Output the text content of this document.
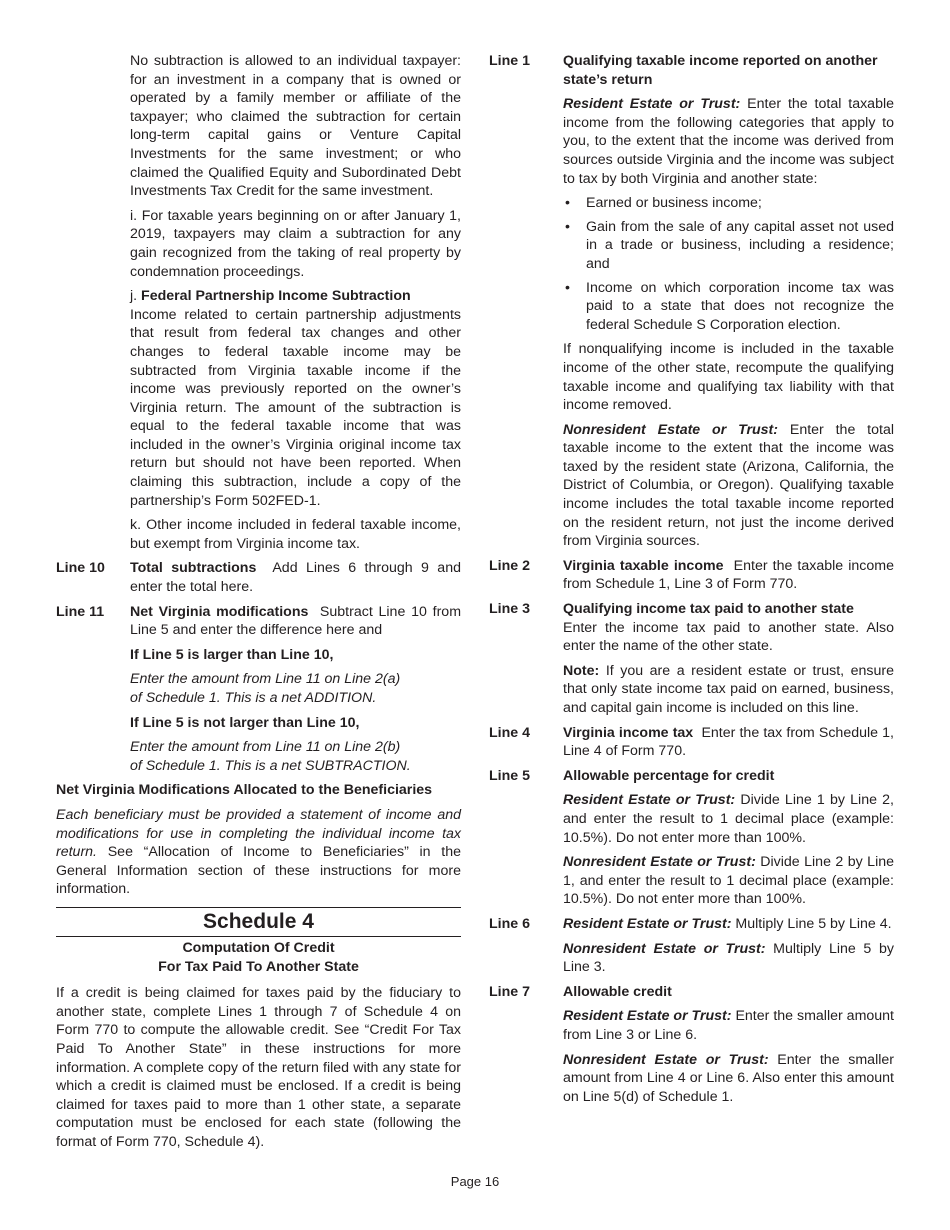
No subtraction is allowed to an individual taxpayer: for an investment in a company that is owned or operated by a family member or affiliate of the taxpayer; who claimed the subtraction for certain long-term capital gains or Venture Capital Investments for the same investment; or who claimed the Qualified Equity and Subordinated Debt Investments Tax Credit for the same investment.

i. For taxable years beginning on or after January 1, 2019, taxpayers may claim a subtraction for any gain recognized from the taking of real property by condemnation proceedings.

j. Federal Partnership Income Subtraction
Income related to certain partnership adjustments that result from federal tax changes and other changes to federal taxable income may be subtracted from Virginia taxable income if the income was previously reported on the owner’s Virginia return. The amount of the subtraction is equal to the federal taxable income that was included in the owner’s Virginia original income tax return but should not have been reported. When claiming this subtraction, include a copy of the partnership’s Form 502FED-1.

k. Other income included in federal taxable income, but exempt from Virginia income tax.

Line 10	Total subtractions Add Lines 6 through 9 and enter the total here.
Line 11	Net Virginia modifications Subtract Line 10 from Line 5 and enter the difference here and

If Line 5 is larger than Line 10,

Enter the amount from Line 11 on Line 2(a)
of Schedule 1. This is a net ADDITION.

If Line 5 is not larger than Line 10,

Enter the amount from Line 11 on Line 2(b)
of Schedule 1. This is a net SUBTRACTION.

Net Virginia Modifications Allocated to the Beneficiaries

Each beneficiary must be provided a statement of income and modifications for use in completing the individual income tax return. See “Allocation of Income to Beneficiaries” in the General Information section of these instructions for more information.

Schedule 4
Computation Of Credit
For Tax Paid To Another State

If a credit is being claimed for taxes paid by the fiduciary to another state, complete Lines 1 through 7 of Schedule 4 on Form 770 to compute the allowable credit. See “Credit For Tax Paid To Another State” in these instructions for more information. A complete copy of the return filed with any state for which a credit is claimed must be enclosed. If a credit is being claimed for taxes paid to more than 1 other state, a separate computation must be enclosed for each state (following the format of Form 770, Schedule 4).

Line 1	Qualifying taxable income reported on another state’s return

Resident Estate or Trust: Enter the total taxable income from the following categories that apply to you, to the extent that the income was derived from sources outside Virginia and the income was subject to tax by both Virginia and another state:

• Earned or business income;
• Gain from the sale of any capital asset not used in a trade or business, including a residence; and
• Income on which corporation income tax was paid to a state that does not recognize the federal Schedule S Corporation election.

If nonqualifying income is included in the taxable income of the other state, recompute the qualifying taxable income and qualifying tax liability with that income removed.

Nonresident Estate or Trust: Enter the total taxable income to the extent that the income was taxed by the resident state (Arizona, California, the District of Columbia, or Oregon). Qualifying taxable income includes the total taxable income reported on the resident return, not just the income derived from Virginia sources.

Line 2	Virginia taxable income Enter the taxable income from Schedule 1, Line 3 of Form 770.
Line 3	Qualifying income tax paid to another state
Enter the income tax paid to another state. Also enter the name of the other state.

Note: If you are a resident estate or trust, ensure that only state income tax paid on earned, business, and capital gain income is included on this line.

Line 4	Virginia income tax Enter the tax from Schedule 1, Line 4 of Form 770.
Line 5	Allowable percentage for credit

Resident Estate or Trust: Divide Line 1 by Line 2, and enter the result to 1 decimal place (example: 10.5%). Do not enter more than 100%.

Nonresident Estate or Trust: Divide Line 2 by Line 1, and enter the result to 1 decimal place (example: 10.5%). Do not enter more than 100%.

Line 6	Resident Estate or Trust: Multiply Line 5 by Line 4.

Nonresident Estate or Trust: Multiply Line 5 by Line 3.

Line 7	Allowable credit

Resident Estate or Trust: Enter the smaller amount from Line 3 or Line 6.

Nonresident Estate or Trust: Enter the smaller amount from Line 4 or Line 6. Also enter this amount on Line 5(d) of Schedule 1.

Page 16
